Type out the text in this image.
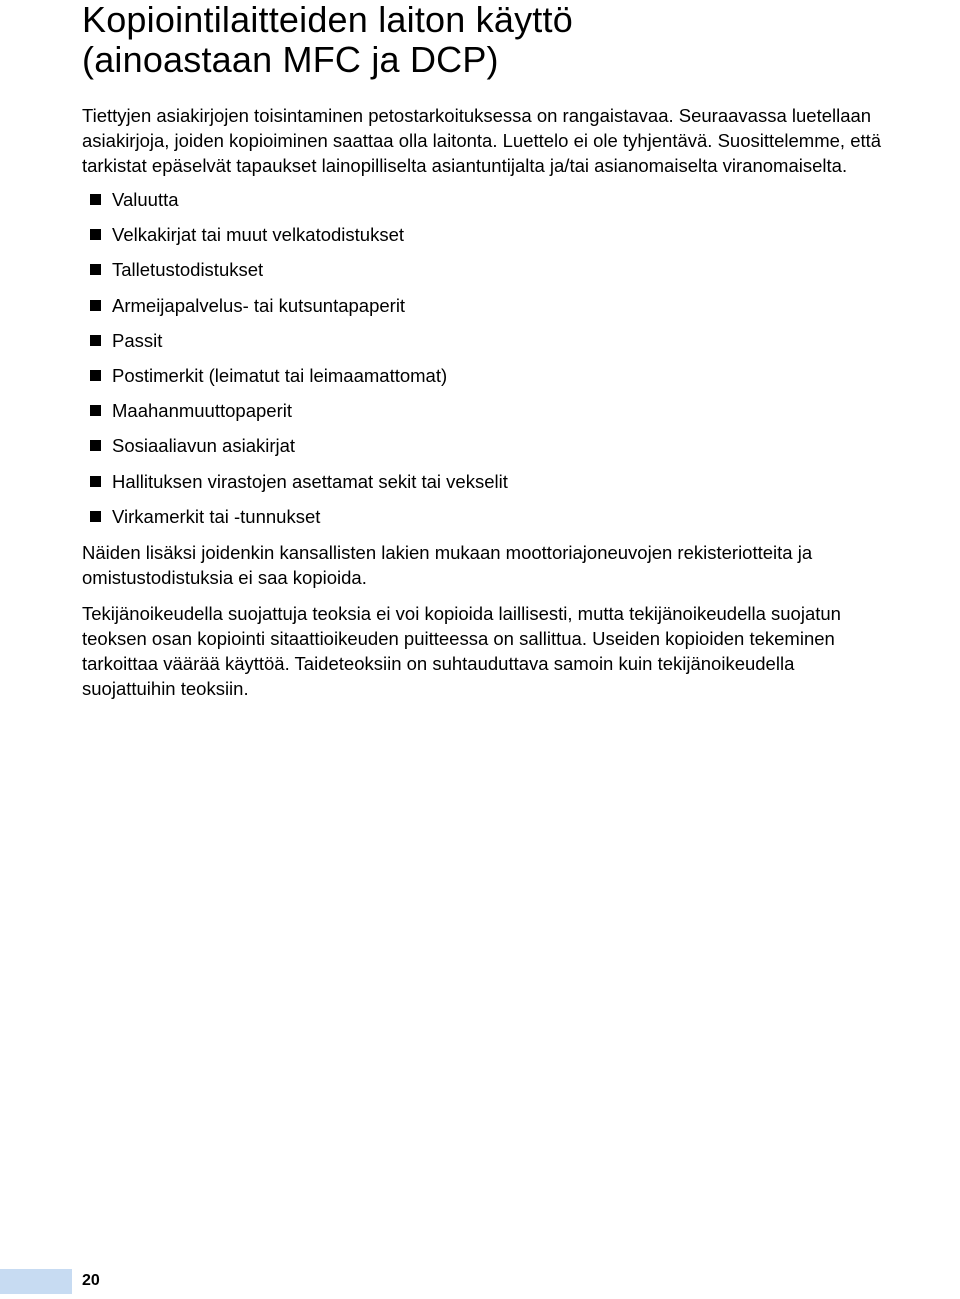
Kopiointilaitteiden laiton käyttö
(ainoastaan MFC ja DCP)

Tiettyjen asiakirjojen toisintaminen petostarkoituksessa on rangaistavaa. Seuraavassa luetellaan
asiakirjoja, joiden kopioiminen saattaa olla laitonta. Luettelo ei ole tyhjentävä. Suosittelemme, että
tarkistat epäselvät tapaukset lainopilliselta asiantuntijalta ja/tai asianomaiselta viranomaiselta.

Valuutta
Velkakirjat tai muut velkatodistukset
Talletustodistukset
Armeijapalvelus- tai kutsuntapaperit
Passit
Postimerkit (leimatut tai leimaamattomat)
Maahanmuuttopaperit
Sosiaaliavun asiakirjat
Hallituksen virastojen asettamat sekit tai vekselit
Virkamerkit tai -tunnukset

Näiden lisäksi joidenkin kansallisten lakien mukaan moottoriajoneuvojen rekisteriotteita ja
omistustodistuksia ei saa kopioida.

Tekijänoikeudella suojattuja teoksia ei voi kopioida laillisesti, mutta tekijänoikeudella suojatun
teoksen osan kopiointi sitaattioikeuden puitteessa on sallittua. Useiden kopioiden tekeminen
tarkoittaa väärää käyttöä. Taideteoksiin on suhtauduttava samoin kuin tekijänoikeudella
suojattuihin teoksiin.

20
